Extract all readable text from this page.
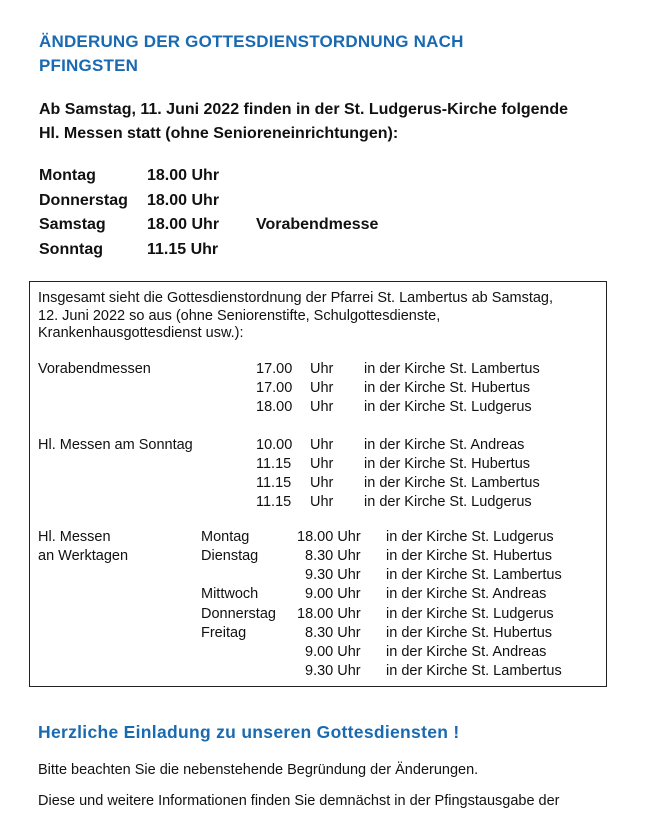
ÄNDERUNG DER GOTTESDIENSTORDNUNG NACH
PFINGSTEN
Ab Samstag, 11. Juni 2022 finden in der St. Ludgerus-Kirche folgende
Hl. Messen statt (ohne Senioreneinrichtungen):
Montag	18.00 Uhr
Donnerstag 18.00 Uhr
Samstag	18.00 Uhr Vorabendmesse
Sonntag	11.15 Uhr
Insgesamt sieht die Gottesdienstordnung der Pfarrei St. Lambertus ab Samstag,
12. Juni 2022 so aus (ohne Seniorenstifte, Schulgottesdienste,
Krankenhausgottesdienst usw.):
Vorabendmessen	17.00 Uhr in der Kirche St. Lambertus
17.00 Uhr in der Kirche St. Hubertus
18.00 Uhr in der Kirche St. Ludgerus
Hl. Messen am Sonntag	10.00 Uhr in der Kirche St. Andreas
11.15 Uhr in der Kirche St. Hubertus
11.15 Uhr in der Kirche St. Lambertus
11.15 Uhr in der Kirche St. Ludgerus
Hl. Messen
an Werktagen
Montag	18.00 Uhr in der Kirche St. Ludgerus
Dienstag	8.30 Uhr in der Kirche St. Hubertus
9.30 Uhr in der Kirche St. Lambertus
Mittwoch	9.00 Uhr in der Kirche St. Andreas
Donnerstag 18.00 Uhr in der Kirche St. Ludgerus
Freitag	8.30 Uhr in der Kirche St. Hubertus
9.00 Uhr in der Kirche St. Andreas
9.30 Uhr in der Kirche St. Lambertus
Herzliche Einladung zu unseren Gottesdiensten !
Bitte beachten Sie die nebenstehende Begründung der Änderungen.
Diese und weitere Informationen finden Sie demnächst in der Pfingstausgabe der
